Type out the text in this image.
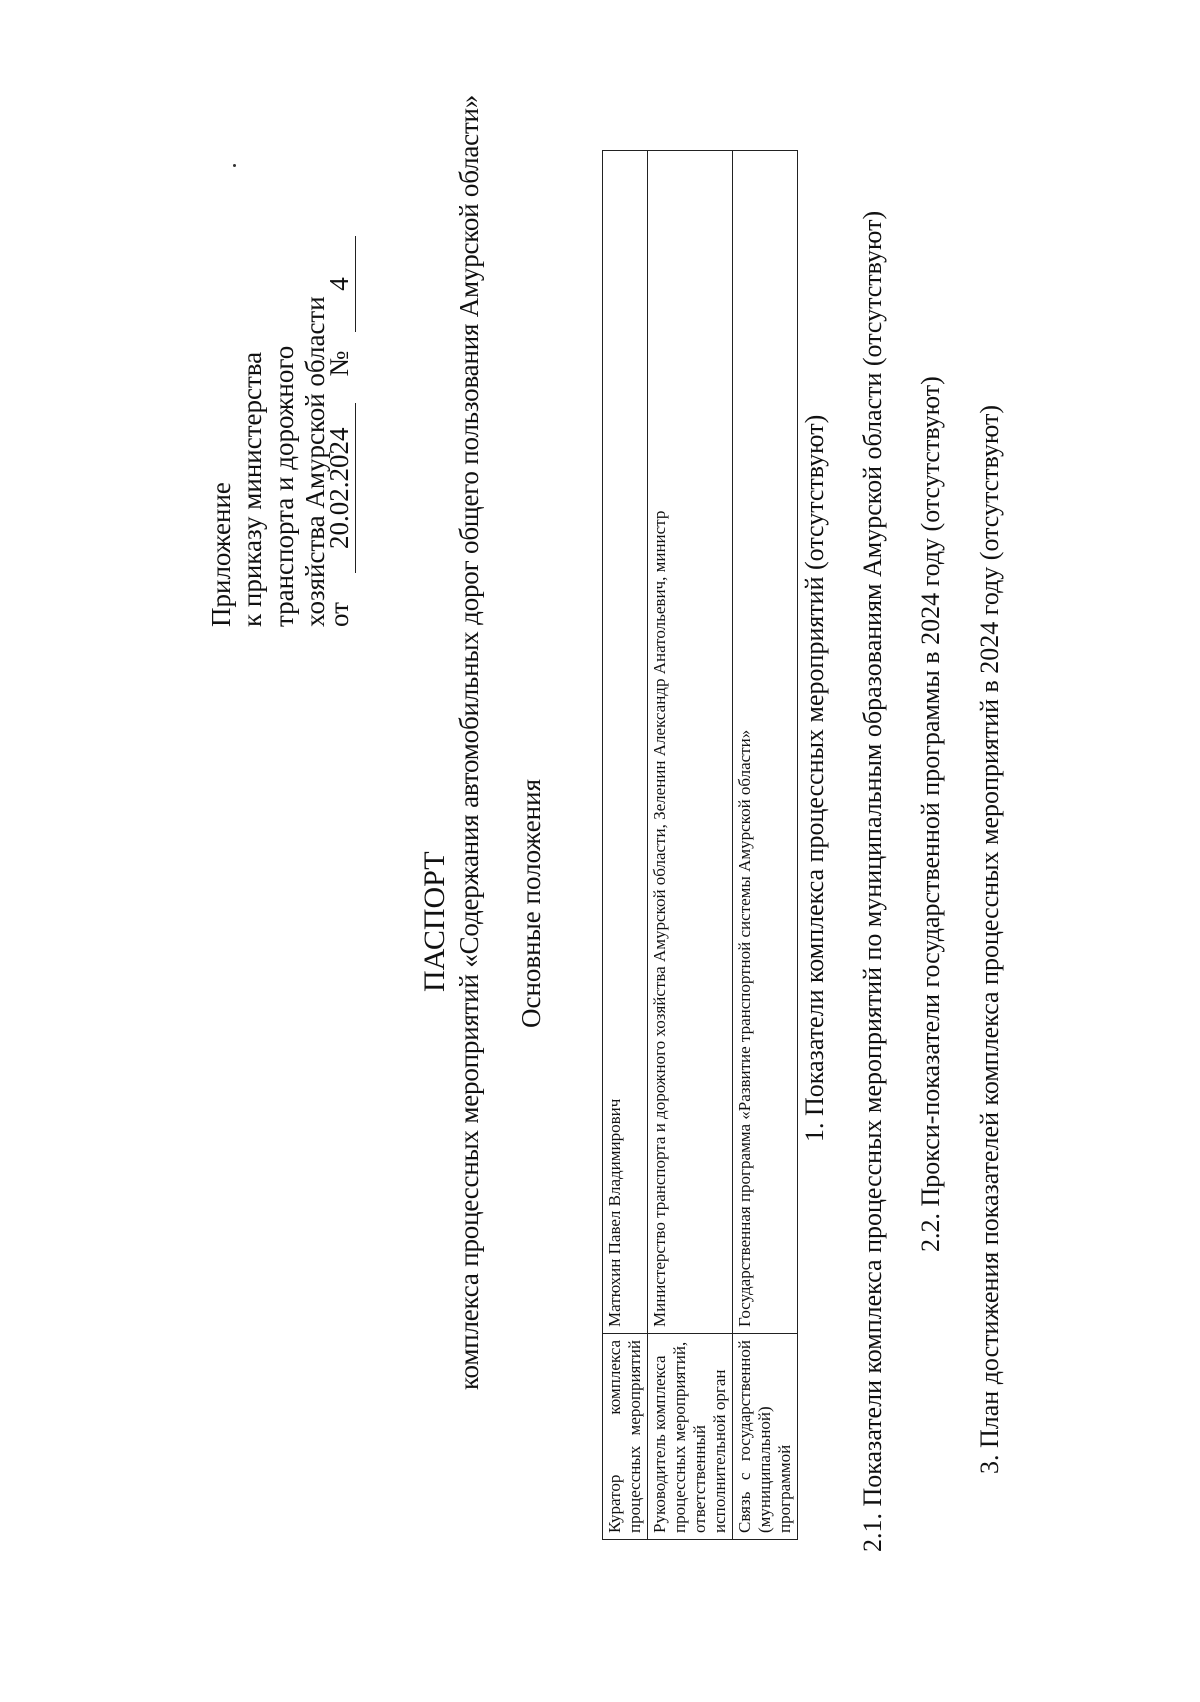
Приложение к приказу министерства транспорта и дорожного хозяйства Амурской области
от 20.02.2024 № 4
ПАСПОРТ комплекса процессных мероприятий «Содержания автомобильных дорог общего пользования Амурской области» Основные положения
Куратор комплекса процессных мероприятий	Матюхин Павел Владимирович
Руководитель комплекса процессных мероприятий, ответственный исполнительной орган	Министерство транспорта и дорожного хозяйства Амурской области, Зеленин Александр Анатольевич, министр
Связь с государственной (муниципальной) программой	Государственная программа «Развитие транспортной системы Амурской области» 1. Показатели комплекса процессных мероприятий (отсутствуют) 2.1. Показатели комплекса процессных мероприятий по муниципальным образованиям Амурской области (отсутствуют) 2.2. Прокси-показатели государственной программы в 2024 году (отсутствуют) 3. План достижения показателей комплекса процессных мероприятий в 2024 году (отсутствуют)
